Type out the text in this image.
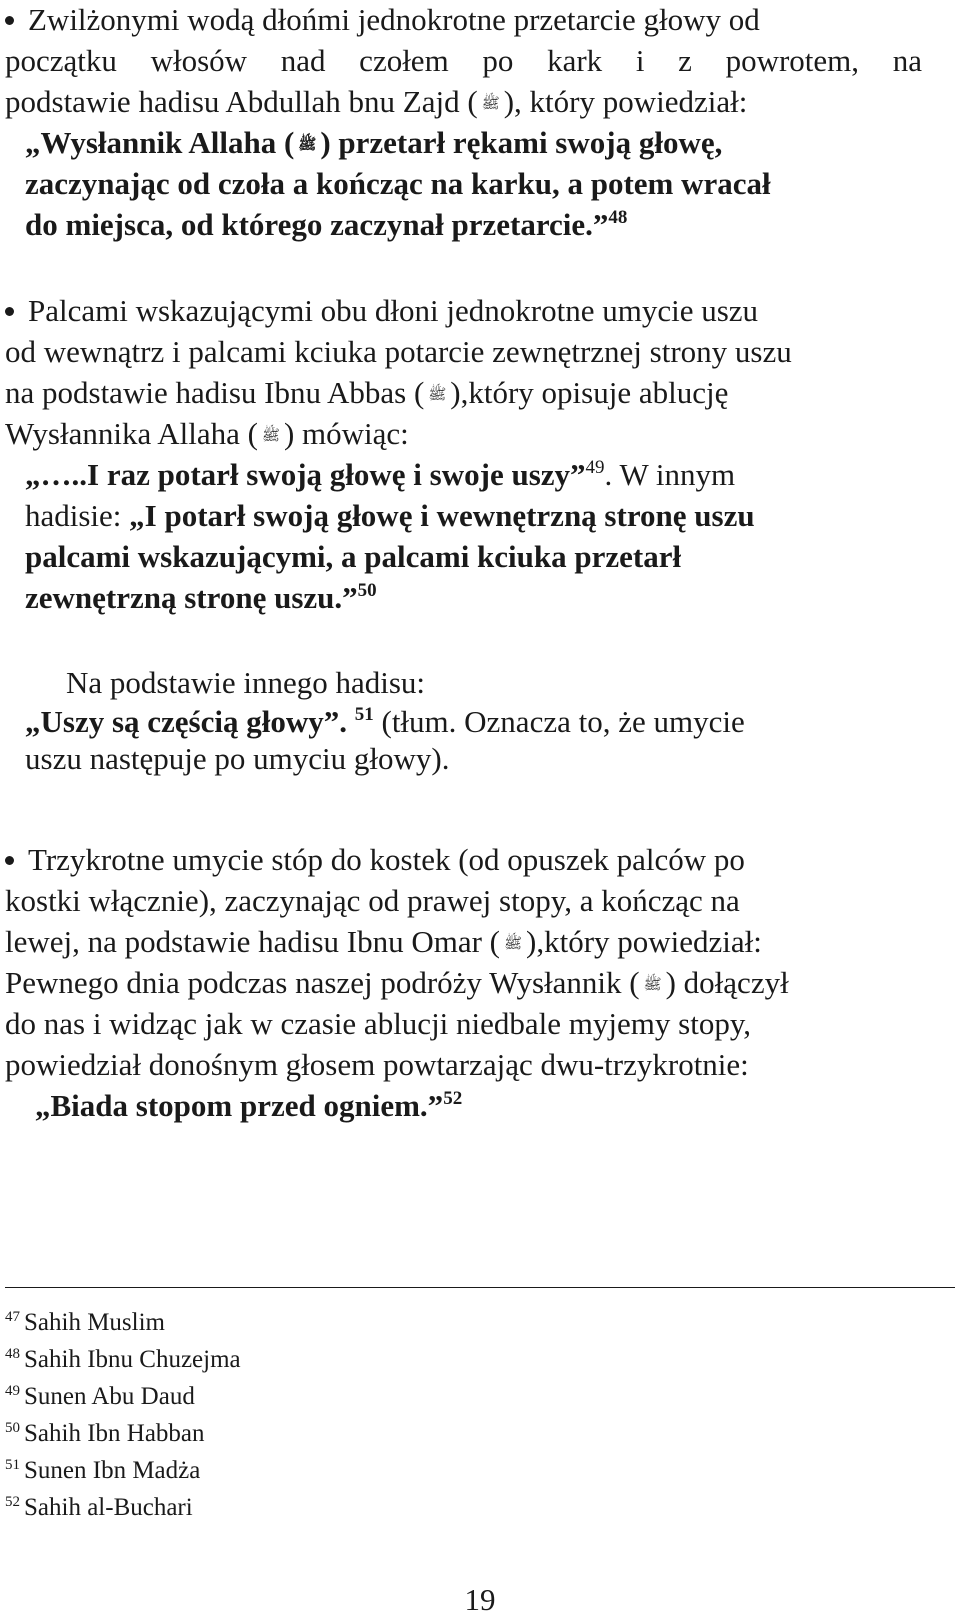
Zwilżonymi wodą dłońmi jednokrotne przetarcie głowy od
początku włosów nad czołem po kark i z powrotem, na
podstawie hadisu Abdullah bnu Zajd ( ﷺ ), który powiedział:
„Wysłannik Allaha ( ﷺ ) przetarł rękami swoją głowę,
zaczynając od czoła a kończąc na karku, a potem wracał
do miejsca, od którego zaczynał przetarcie.”$^{48}$
Palcami wskazującymi obu dłoni jednokrotne umycie uszu
od wewnątrz i palcami kciuka potarcie zewnętrznej strony uszu
na podstawie hadisu Ibnu Abbas ( ﷺ ),który opisuje ablucję
Wysłannika Allaha ( ﷺ ) mówiąc:
„…..I raz potarł swoją głowę i swoje uszy”$^{49}$. W innym
hadisie: „I potarł swoją głowę i wewnętrzną stronę uszu
palcami wskazującymi, a palcami kciuka przetarł
zewnętrzną stronę uszu.”$^{50}$
Na podstawie innego hadisu:
„Uszy są częścią głowy”. $^{51}$ (tłum. Oznacza to, że umycie
uszu następuje po umyciu głowy).
Trzykrotne umycie stóp do kostek (od opuszek palców po
kostki włącznie), zaczynając od prawej stopy, a kończąc na
lewej, na podstawie hadisu Ibnu Omar ( ﷺ ),który powiedział:
Pewnego dnia podczas naszej podróży Wysłannik ( ﷺ ) dołączył
do nas i widząc jak w czasie ablucji niedbale myjemy stopy,
powiedział donośnym głosem powtarzając dwu-trzykrotnie:
„Biada stopom przed ogniem.”$^{52}$
$^{47}$ Sahih Muslim
$^{48}$ Sahih Ibnu Chuzejma
$^{49}$ Sunen Abu Daud
$^{50}$ Sahih Ibn Habban
$^{51}$ Sunen Ibn Madża
$^{52}$ Sahih al-Buchari
19
